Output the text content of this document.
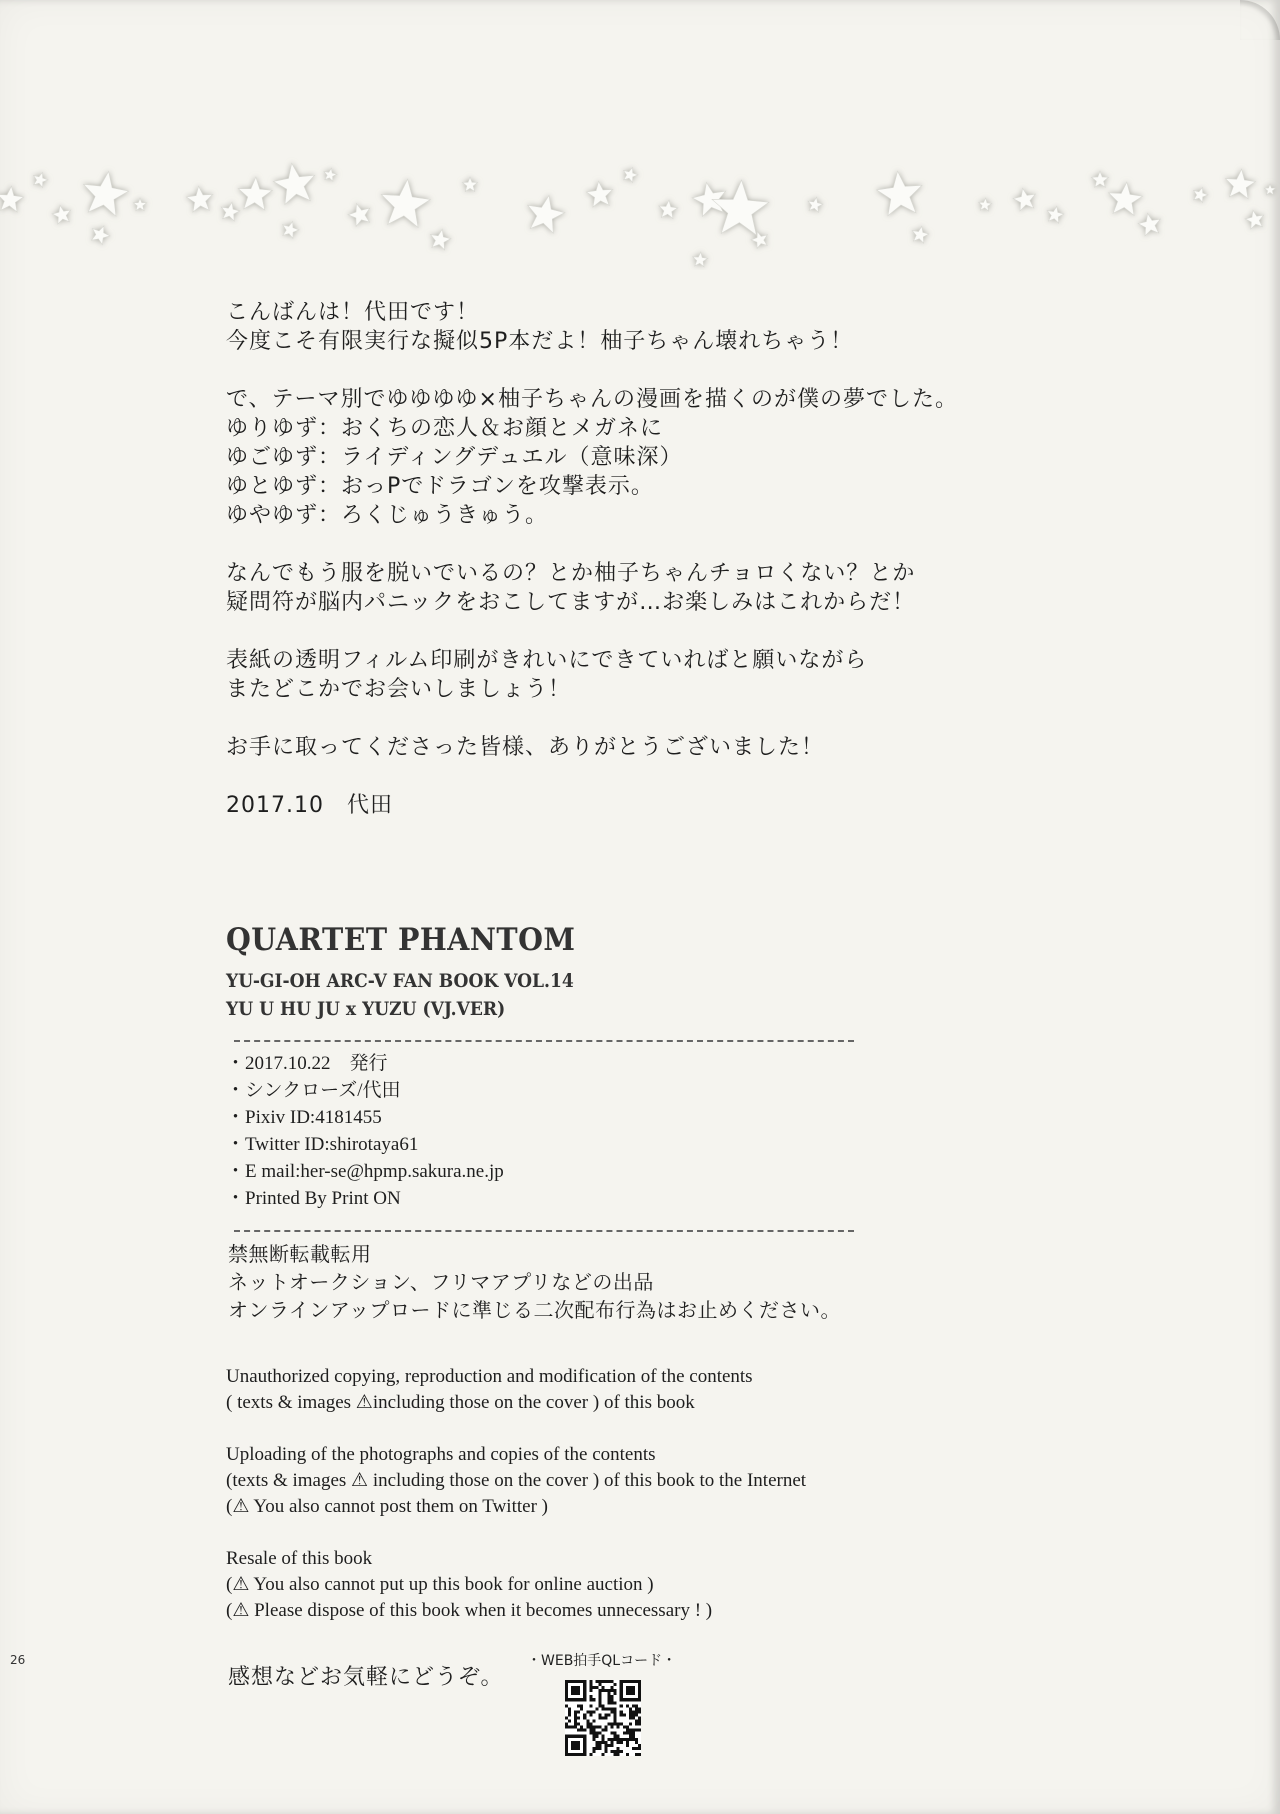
こんばんは！代田です！
今度こそ有限実行な擬似5P本だよ！柚子ちゃん壊れちゃう！
で、テーマ別でゆゆゆゆ×柚子ちゃんの漫画を描くのが僕の夢でした。
ゆりゆず：おくちの恋人＆お顔とメガネに
ゆごゆず：ライディングデュエル（意味深）
ゆとゆず：おっPでドラゴンを攻撃表示。
ゆやゆず：ろくじゅうきゅう。
なんでもう服を脱いでいるの？とか柚子ちゃんチョロくない？とか
疑問符が脳内パニックをおこしてますが…お楽しみはこれからだ！
表紙の透明フィルム印刷がきれいにできていればと願いながら
またどこかでお会いしましょう！
お手に取ってくださった皆様、ありがとうございました！
2017.10　代田
QUARTET PHANTOM
YU-GI-OH ARC-V FAN BOOK VOL.14
YU U HU JU x YUZU (VJ.VER)
・2017.10.22　発行
・シンクローズ/代田
・Pixiv ID:4181455
・Twitter ID:shirotaya61
・E mail:her-se@hpmp.sakura.ne.jp
・Printed By Print ON
禁無断転載転用
ネットオークション、フリマアプリなどの出品
オンラインアップロードに準じる二次配布行為はお止めください。
Unauthorized copying, reproduction and modification of the contents
( texts & images ⚠including those on the cover ) of this book
Uploading of the photographs and copies of the contents
(texts & images ⚠ including those on the cover ) of this book to the Internet
(⚠ You also cannot post them on Twitter )
Resale of this book
(⚠ You also cannot put up this book for online auction )
(⚠ Please dispose of this book when it becomes unnecessary ! )
26
感想などお気軽にどうぞ。
・WEB拍手QLコード・
